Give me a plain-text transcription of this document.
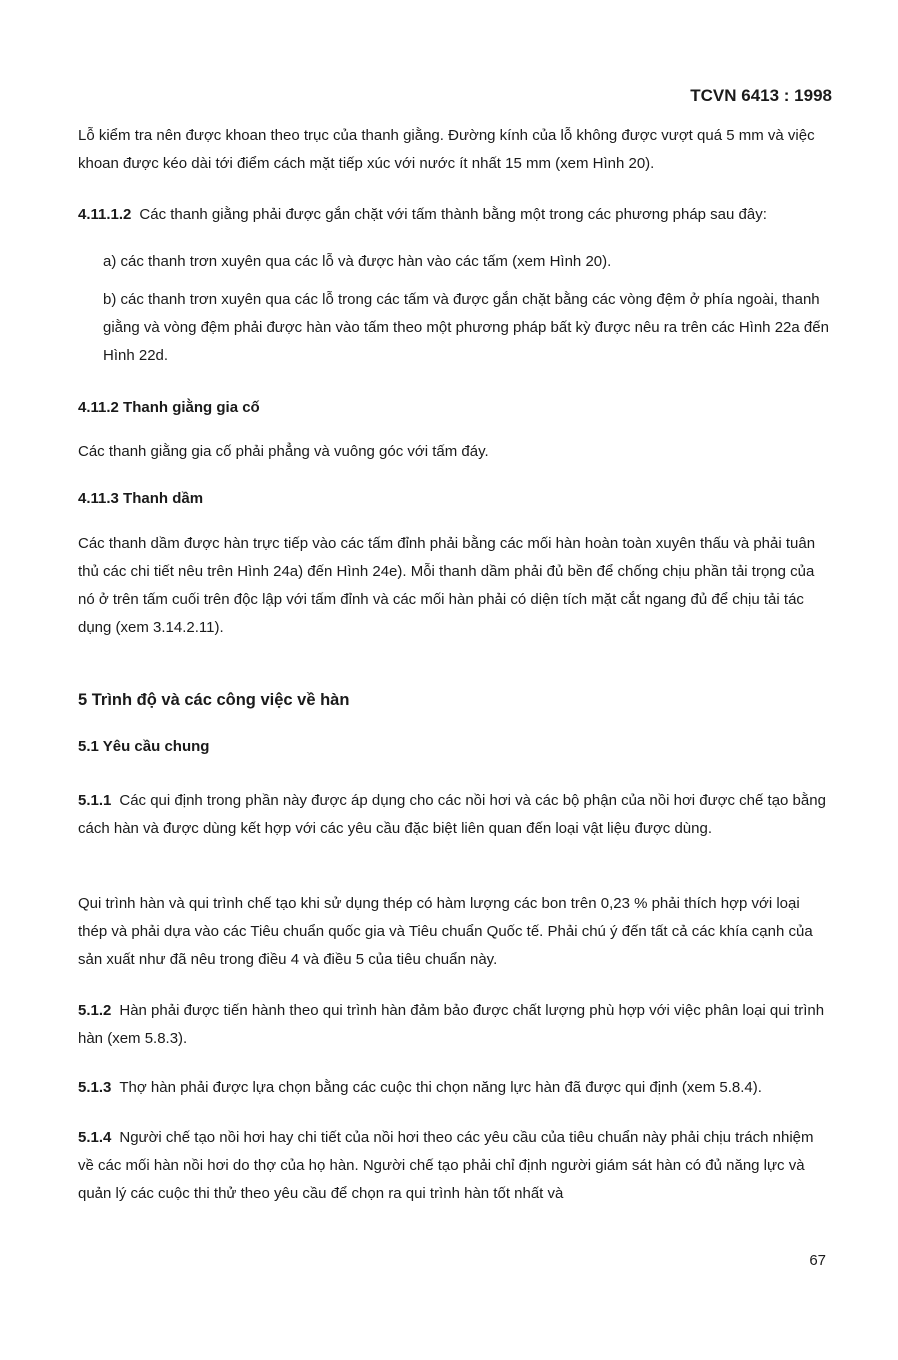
TCVN 6413 : 1998

Lỗ kiểm tra nên được khoan theo trục của thanh giằng. Đường kính của lỗ không được vượt quá 5 mm và việc khoan được kéo dài tới điểm cách mặt tiếp xúc với nước ít nhất 15 mm (xem Hình 20).

4.11.1.2 Các thanh giằng phải được gắn chặt với tấm thành bằng một trong các phương pháp sau đây:

a) các thanh trơn xuyên qua các lỗ và được hàn vào các tấm (xem Hình 20).

b) các thanh trơn xuyên qua các lỗ trong các tấm và được gắn chặt bằng các vòng đệm ở phía ngoài, thanh giằng và vòng đệm phải được hàn vào tấm theo một phương pháp bất kỳ được nêu ra trên các Hình 22a đến Hình 22d.

4.11.2 Thanh giằng gia cố

Các thanh giằng gia cố phải phẳng và vuông góc với tấm đáy.

4.11.3 Thanh dầm

Các thanh dầm được hàn trực tiếp vào các tấm đỉnh phải bằng các mối hàn hoàn toàn xuyên thấu và phải tuân thủ các chi tiết nêu trên Hình 24a) đến Hình 24e). Mỗi thanh dầm phải đủ bền để chống chịu phần tải trọng của nó ở trên tấm cuối trên độc lập với tấm đỉnh và các mối hàn phải có diện tích mặt cắt ngang đủ để chịu tải tác dụng (xem 3.14.2.11).

5 Trình độ và các công việc về hàn

5.1 Yêu cầu chung

5.1.1 Các qui định trong phần này được áp dụng cho các nồi hơi và các bộ phận của nồi hơi được chế tạo bằng cách hàn và được dùng kết hợp với các yêu cầu đặc biệt liên quan đến loại vật liệu được dùng.

Qui trình hàn và qui trình chế tạo khi sử dụng thép có hàm lượng các bon trên 0,23 % phải thích hợp với loại thép và phải dựa vào các Tiêu chuẩn quốc gia và Tiêu chuẩn Quốc tế. Phải chú ý đến tất cả các khía cạnh của sản xuất như đã nêu trong điều 4 và điều 5 của tiêu chuẩn này.

5.1.2 Hàn phải được tiến hành theo qui trình hàn đảm bảo được chất lượng phù hợp với việc phân loại qui trình hàn (xem 5.8.3).

5.1.3 Thợ hàn phải được lựa chọn bằng các cuộc thi chọn năng lực hàn đã được qui định (xem 5.8.4).

5.1.4 Người chế tạo nồi hơi hay chi tiết của nồi hơi theo các yêu cầu của tiêu chuẩn này phải chịu trách nhiệm về các mối hàn nồi hơi do thợ của họ hàn. Người chế tạo phải chỉ định người giám sát hàn có đủ năng lực và quản lý các cuộc thi thử theo yêu cầu để chọn ra qui trình hàn tốt nhất và

67
